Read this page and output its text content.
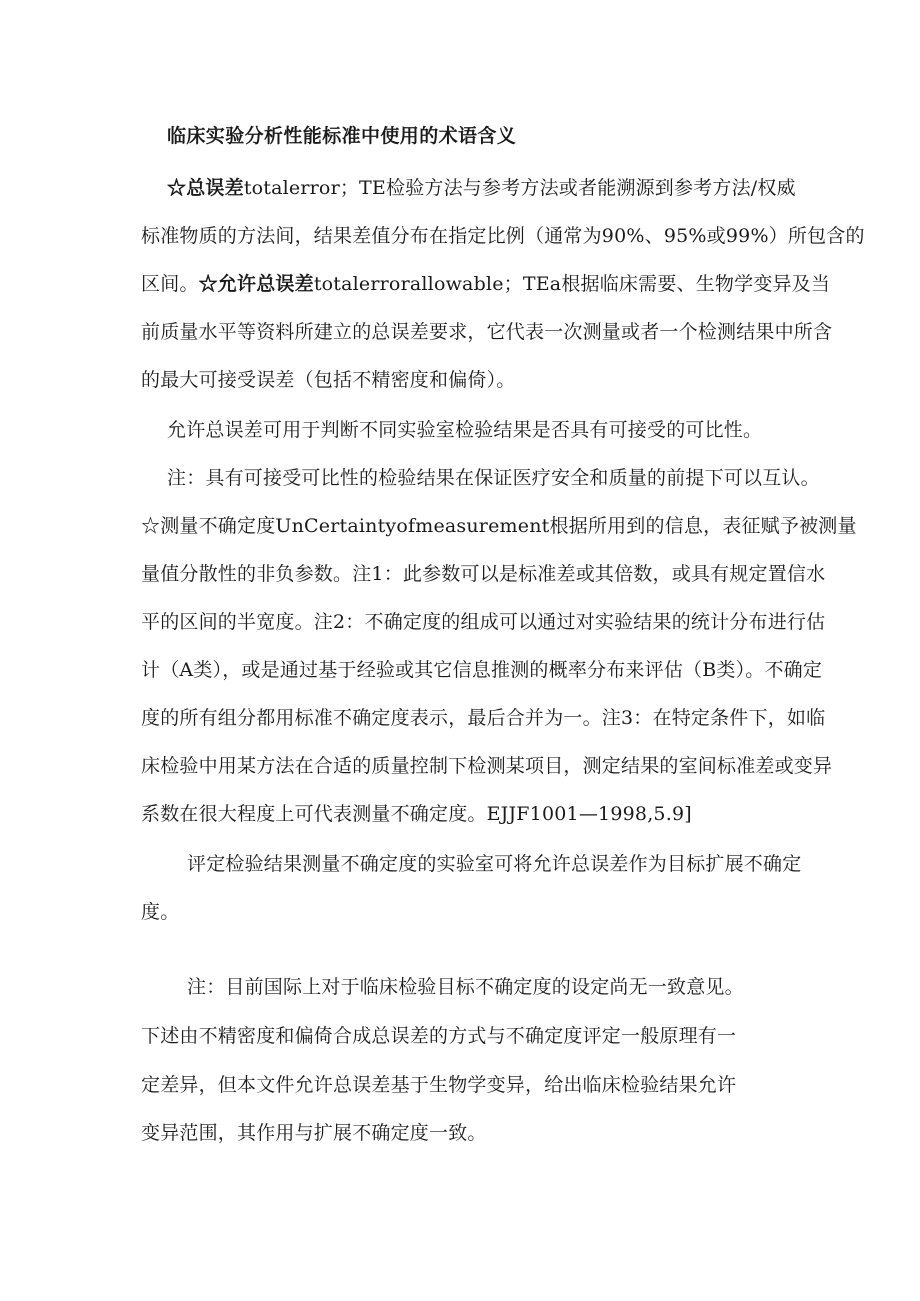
临床实验分析性能标准中使用的术语含义
☆总误差totalerror；TE检验方法与参考方法或者能溯源到参考方法/权威
标准物质的方法间，结果差值分布在指定比例（通常为90%、95%或99%）所包含的
区间。☆允许总误差totalerrorallowable；TEa根据临床需要、生物学变异及当
前质量水平等资料所建立的总误差要求，它代表一次测量或者一个检测结果中所含
的最大可接受误差（包括不精密度和偏倚）。
允许总误差可用于判断不同实验室检验结果是否具有可接受的可比性。
注：具有可接受可比性的检验结果在保证医疗安全和质量的前提下可以互认。
☆测量不确定度UnCertaintyofmeasurement根据所用到的信息，表征赋予被测量
量值分散性的非负参数。注1：此参数可以是标准差或其倍数，或具有规定置信水
平的区间的半宽度。注2：不确定度的组成可以通过对实验结果的统计分布进行估
计（A类），或是通过基于经验或其它信息推测的概率分布来评估（B类）。不确定
度的所有组分都用标准不确定度表示，最后合并为一。注3：在特定条件下，如临
床检验中用某方法在合适的质量控制下检测某项目，测定结果的室间标准差或变异
系数在很大程度上可代表测量不确定度。EJJF1001—1998,5.9]
评定检验结果测量不确定度的实验室可将允许总误差作为目标扩展不确定
度。
注：目前国际上对于临床检验目标不确定度的设定尚无一致意见。
下述由不精密度和偏倚合成总误差的方式与不确定度评定一般原理有一
定差异，但本文件允许总误差基于生物学变异，给出临床检验结果允许
变异范围，其作用与扩展不确定度一致。
